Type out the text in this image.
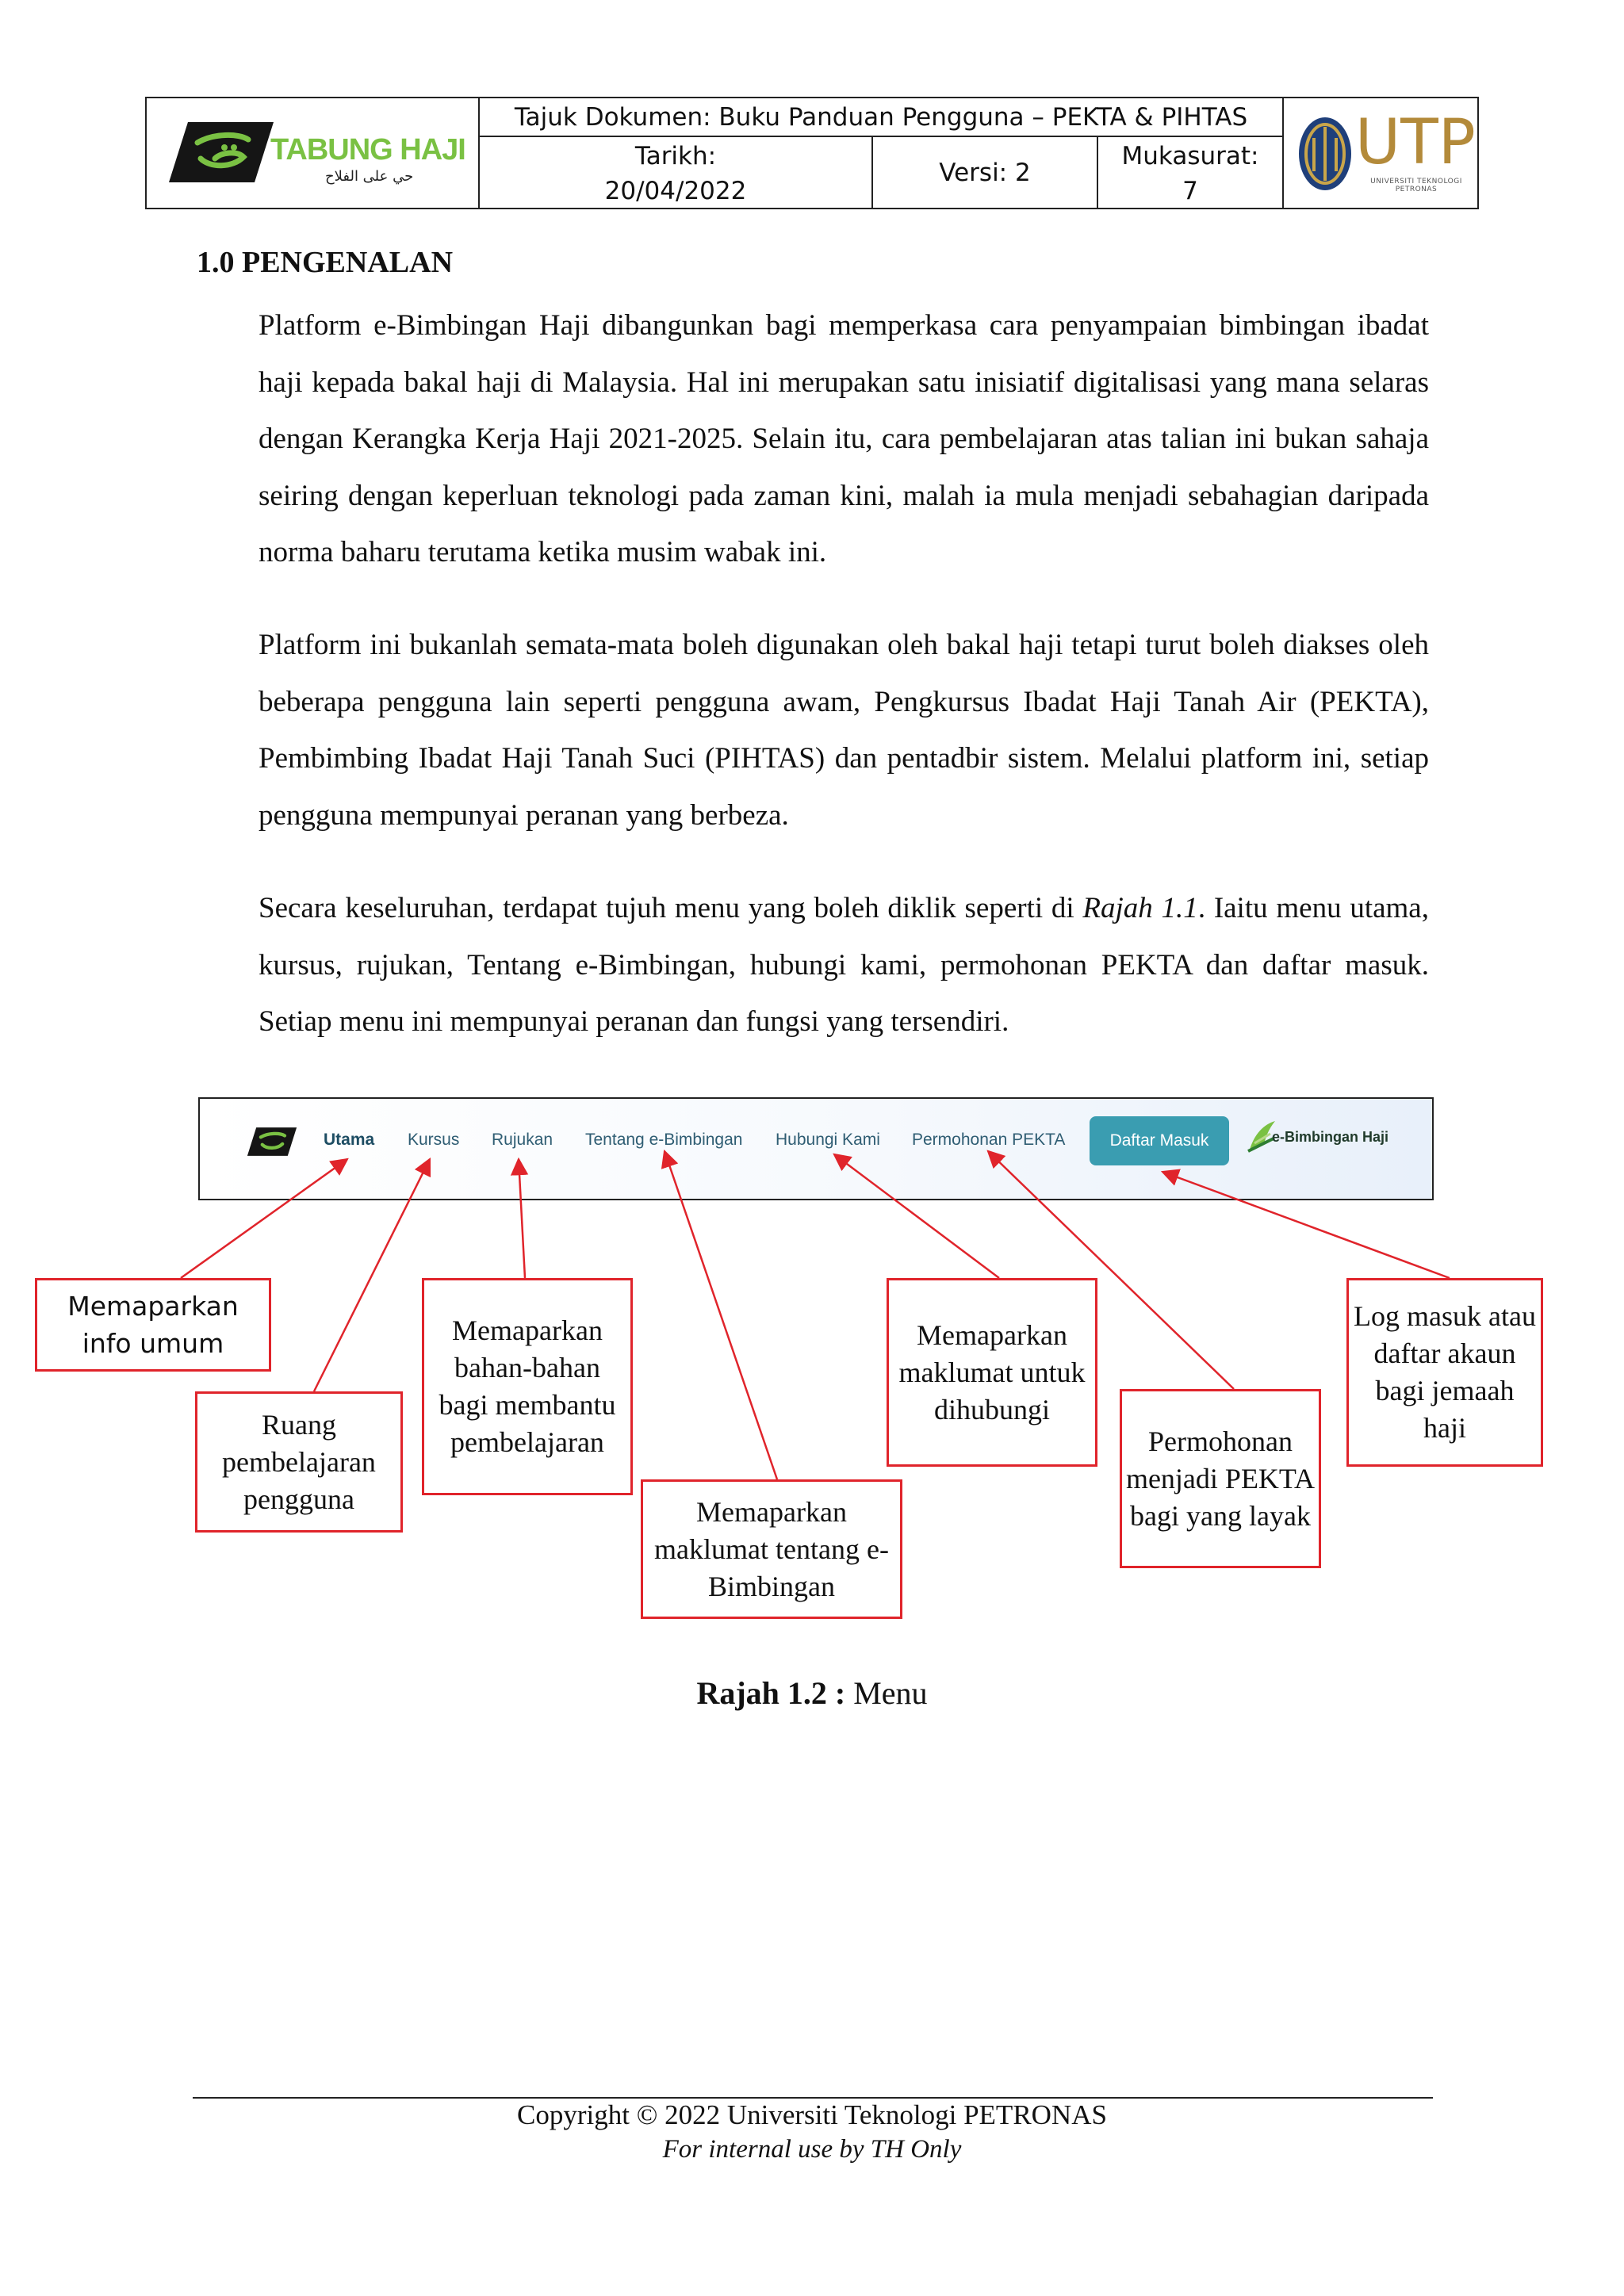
TABUNG HAJI
حي على الفلاح
Tajuk Dokumen: Buku Panduan Pengguna – PEKTA & PIHTAS
Tarikh:
20/04/2022
Versi: 2
Mukasurat:
7
UTP
UNIVERSITI TEKNOLOGI PETRONAS
1.0 PENGENALAN
Platform e-Bimbingan Haji dibangunkan bagi memperkasa cara penyampaian bimbingan ibadat haji kepada bakal haji di Malaysia. Hal ini merupakan satu inisiatif digitalisasi yang mana selaras dengan Kerangka Kerja Haji 2021-2025. Selain itu, cara pembelajaran atas talian ini bukan sahaja seiring dengan keperluan teknologi pada zaman kini, malah ia mula menjadi sebahagian daripada norma baharu terutama ketika musim wabak ini.
Platform ini bukanlah semata-mata boleh digunakan oleh bakal haji tetapi turut boleh diakses oleh beberapa pengguna lain seperti pengguna awam, Pengkursus Ibadat Haji Tanah Air (PEKTA), Pembimbing Ibadat Haji Tanah Suci (PIHTAS) dan pentadbir sistem. Melalui platform ini, setiap pengguna mempunyai peranan yang berbeza.
Secara keseluruhan, terdapat tujuh menu yang boleh diklik seperti di Rajah 1.1. Iaitu menu utama, kursus, rujukan, Tentang e-Bimbingan, hubungi kami, permohonan PEKTA dan daftar masuk. Setiap menu ini mempunyai peranan dan fungsi yang tersendiri.
Utama Kursus Rujukan Tentang e-Bimbingan Hubungi Kami Permohonan PEKTA	Daftar Masuk	e-Bimbingan Haji
Memaparkan info umum
Ruang pembelajaran pengguna
Memaparkan bahan-bahan bagi membantu pembelajaran
Memaparkan maklumat tentang e-Bimbingan
Memaparkan maklumat untuk dihubungi
Permohonan menjadi PEKTA bagi yang layak
Log masuk atau daftar akaun bagi jemaah haji
Rajah 1.2 : Menu
Copyright © 2022 Universiti Teknologi PETRONAS
For internal use by TH Only
